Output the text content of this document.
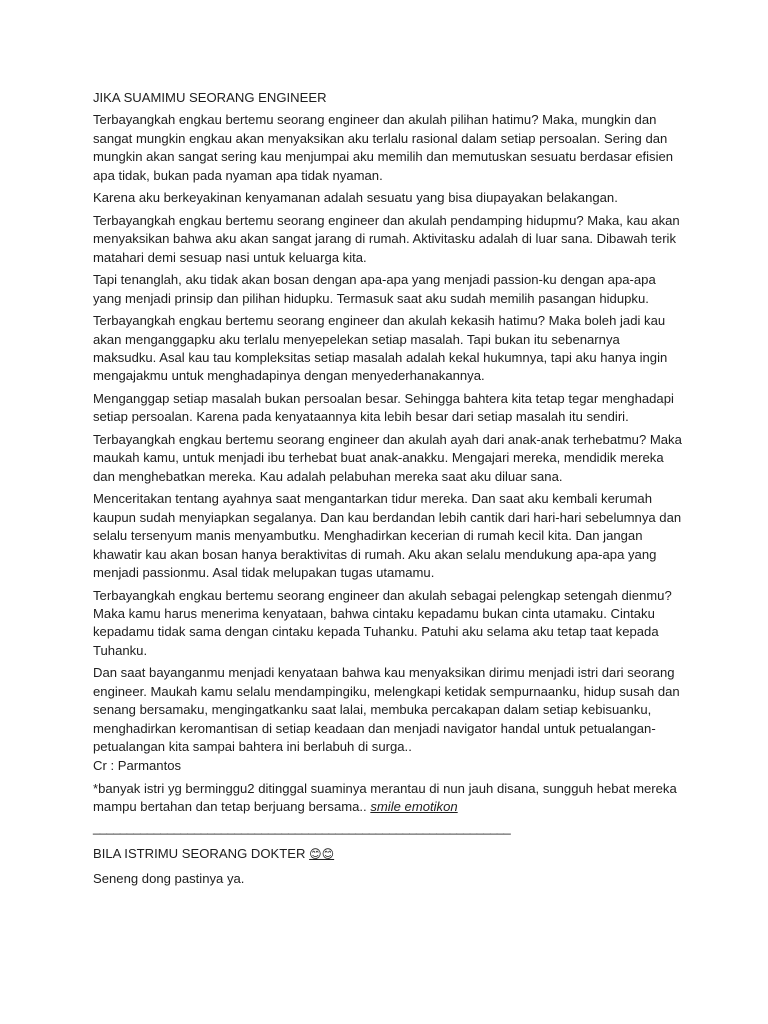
JIKA SUAMIMU SEORANG ENGINEER
Terbayangkah engkau bertemu seorang engineer dan akulah pilihan hatimu? Maka, mungkin dan sangat mungkin engkau akan menyaksikan aku terlalu rasional dalam setiap persoalan. Sering dan mungkin akan sangat sering kau menjumpai aku memilih dan memutuskan sesuatu berdasar efisien apa tidak, bukan pada nyaman apa tidak nyaman.
Karena aku berkeyakinan kenyamanan adalah sesuatu yang bisa diupayakan belakangan.
Terbayangkah engkau bertemu seorang engineer dan akulah pendamping hidupmu? Maka, kau akan menyaksikan bahwa aku akan sangat jarang di rumah. Aktivitasku adalah di luar sana. Dibawah terik matahari demi sesuap nasi untuk keluarga kita.
Tapi tenanglah, aku tidak akan bosan dengan apa-apa yang menjadi passion-ku dengan apa-apa yang menjadi prinsip dan pilihan hidupku. Termasuk saat aku sudah memilih pasangan hidupku.
Terbayangkah engkau bertemu seorang engineer dan akulah kekasih hatimu? Maka boleh jadi kau akan menganggapku aku terlalu menyepelekan setiap masalah. Tapi bukan itu sebenarnya maksudku. Asal kau tau kompleksitas setiap masalah adalah kekal hukumnya, tapi aku hanya ingin mengajakmu untuk menghadapinya dengan menyederhanakannya.
Menganggap setiap masalah bukan persoalan besar. Sehingga bahtera kita tetap tegar menghadapi setiap persoalan. Karena pada kenyataannya kita lebih besar dari setiap masalah itu sendiri.
Terbayangkah engkau bertemu seorang engineer dan akulah ayah dari anak-anak terhebatmu? Maka maukah kamu, untuk menjadi ibu terhebat buat anak-anakku. Mengajari mereka, mendidik mereka dan menghebatkan mereka. Kau adalah pelabuhan mereka saat aku diluar sana.
Menceritakan tentang ayahnya saat mengantarkan tidur mereka. Dan saat aku kembali kerumah kaupun sudah menyiapkan segalanya. Dan kau berdandan lebih cantik dari hari-hari sebelumnya dan selalu tersenyum manis menyambutku. Menghadirkan kecerian di rumah kecil kita. Dan jangan khawatir kau akan bosan hanya beraktivitas di rumah. Aku akan selalu mendukung apa-apa yang menjadi passionmu. Asal tidak melupakan tugas utamamu.
Terbayangkah engkau bertemu seorang engineer dan akulah sebagai pelengkap setengah dienmu? Maka kamu harus menerima kenyataan, bahwa cintaku kepadamu bukan cinta utamaku. Cintaku kepadamu tidak sama dengan cintaku kepada Tuhanku. Patuhi aku selama aku tetap taat kepada Tuhanku.
Dan saat bayanganmu menjadi kenyataan bahwa kau menyaksikan dirimu menjadi istri dari seorang engineer. Maukah kamu selalu mendampingiku, melengkapi ketidak sempurnaanku, hidup susah dan senang bersamaku, mengingatkanku saat lalai, membuka percakapan dalam setiap kebisuanku, menghadirkan keromantisan di setiap keadaan dan menjadi navigator handal untuk petualangan-petualangan kita sampai bahtera ini berlabuh di surga..
Cr : Parmantos
*banyak istri yg berminggu2 ditinggal suaminya merantau di nun jauh disana, sungguh hebat mereka mampu bertahan dan tetap berjuang bersama.. smile emotikon
______________________________________________________________
BILA ISTRIMU SEORANG DOKTER 😊😊
Seneng dong pastinya ya.
